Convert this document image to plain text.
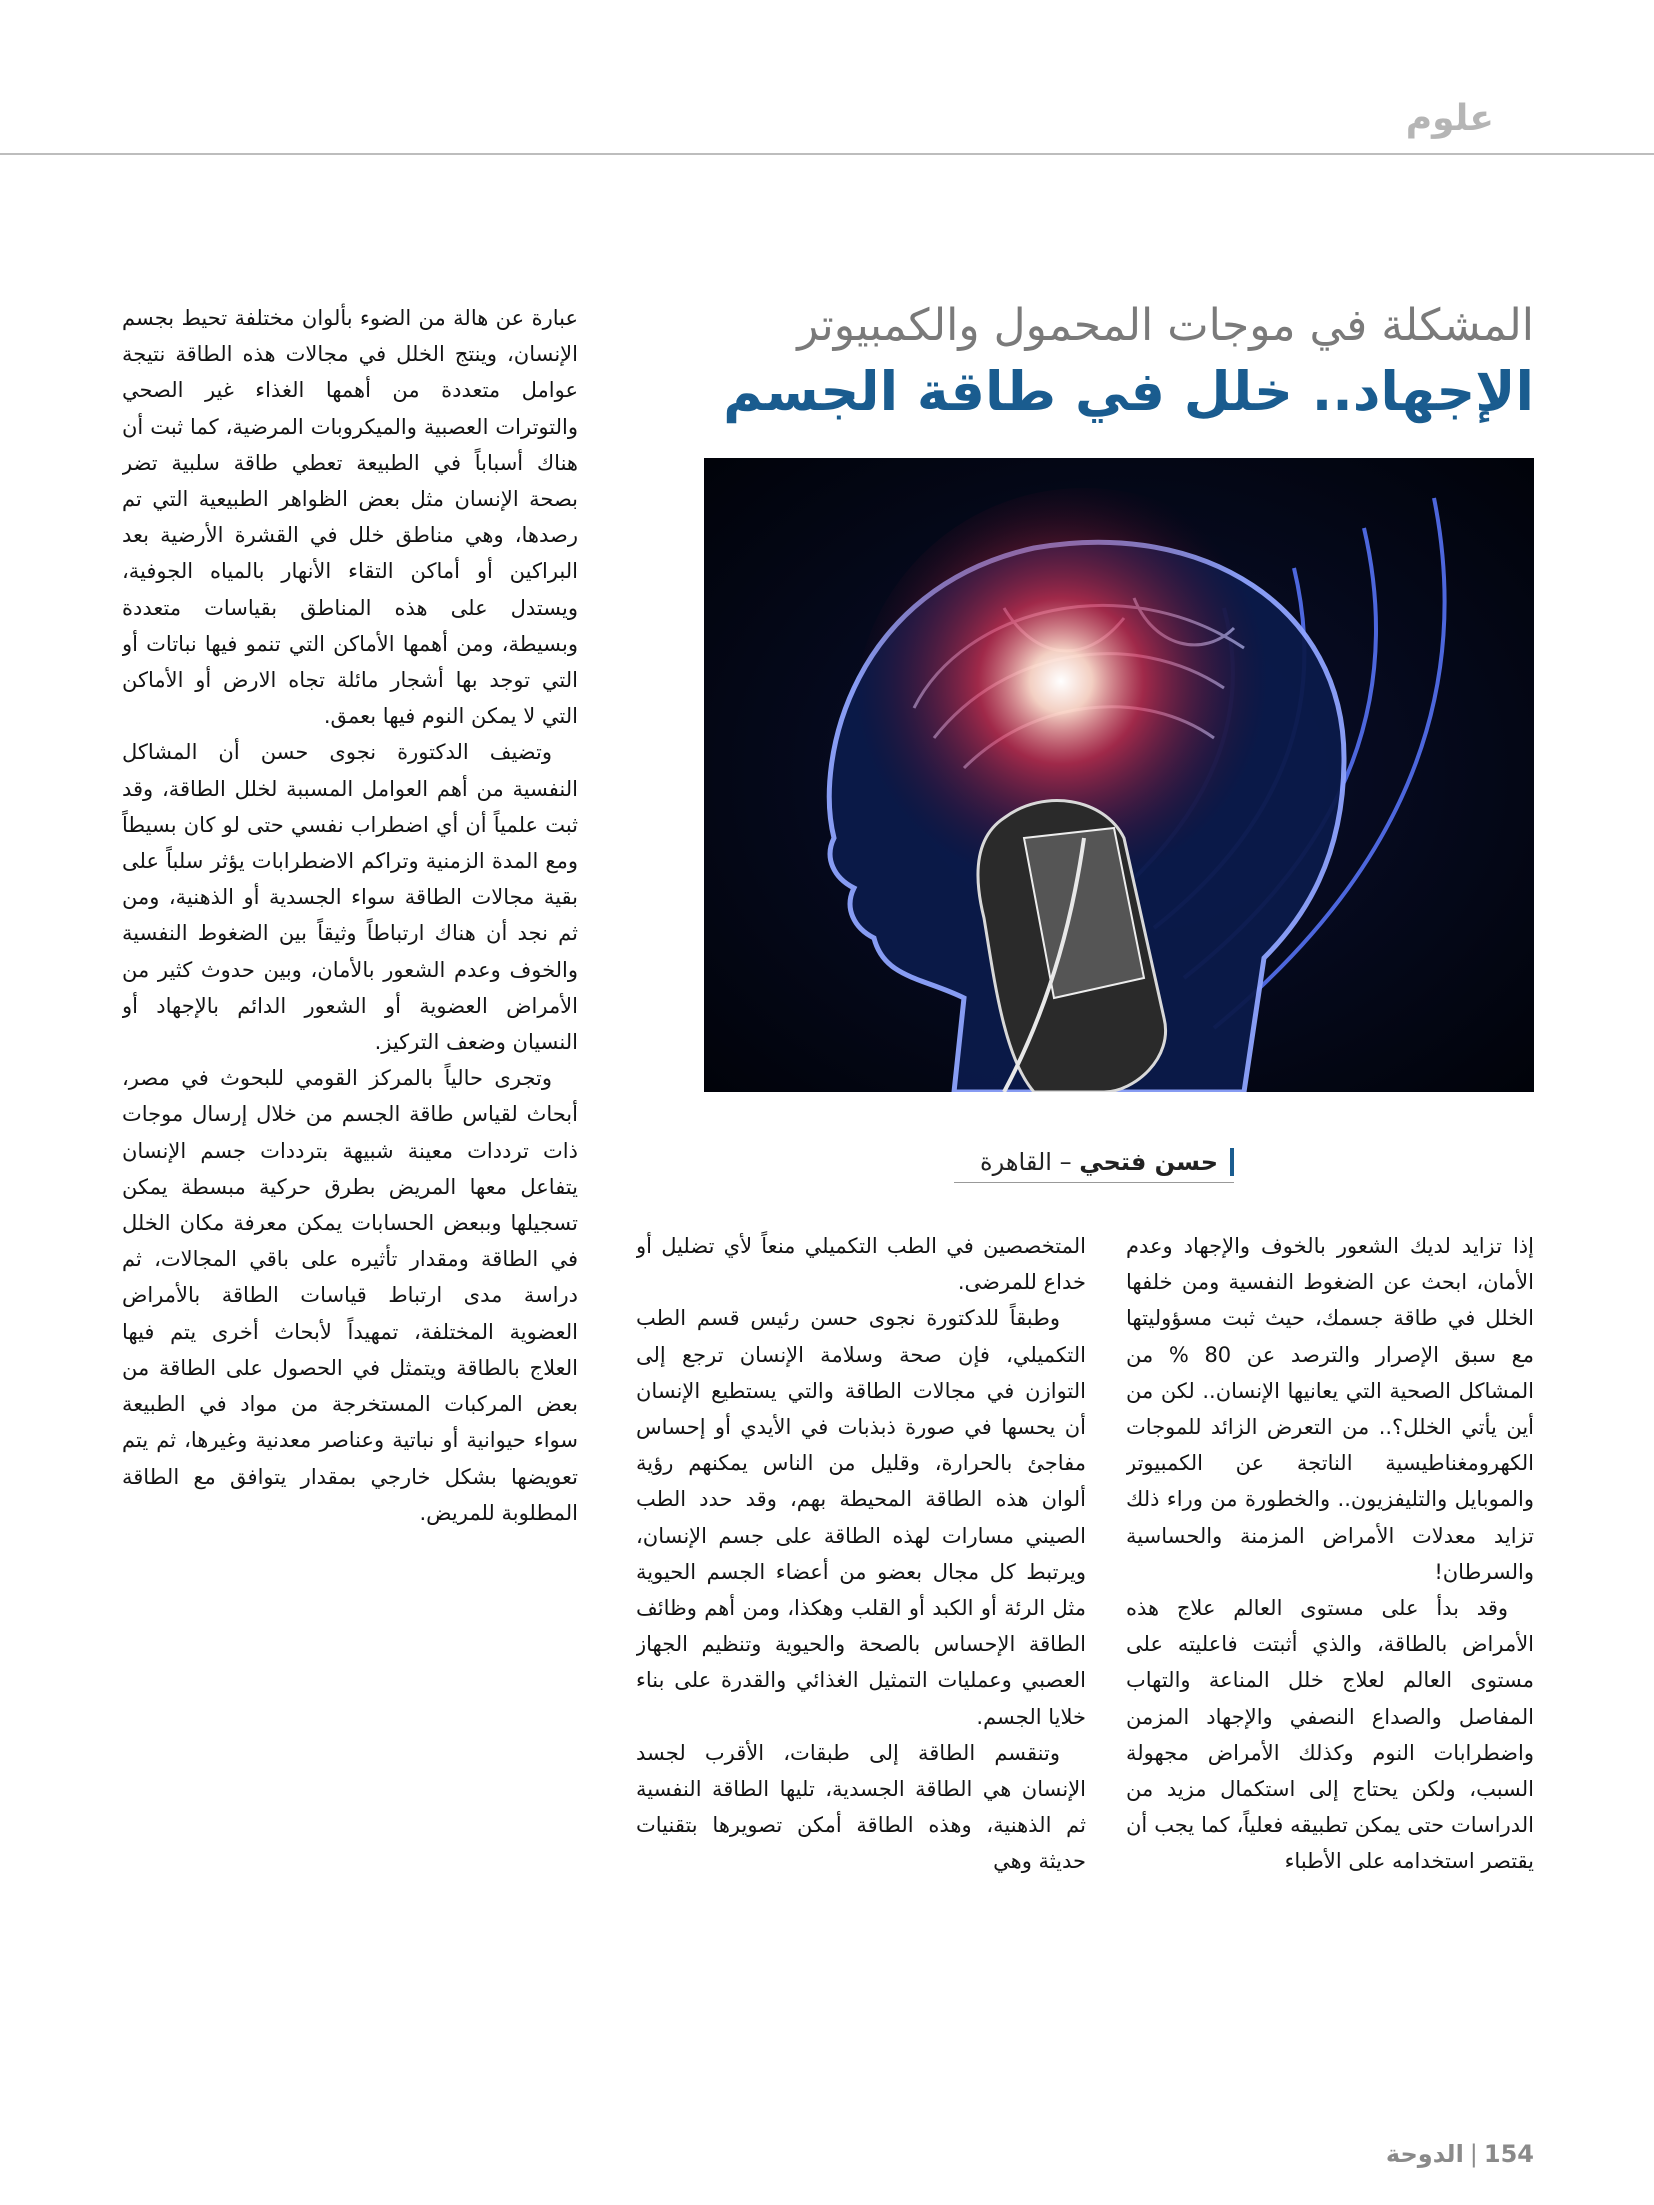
علوم
المشكلة في موجات المحمول والكمبيوتر
الإجهاد.. خلل في طاقة الجسم
حسن فتحي – القاهرة

إذا تزايد لديك الشعور بالخوف والإجهاد وعدم الأمان، ابحث عن الضغوط النفسية ومن خلفها الخلل في طاقة جسمك، حيث ثبت مسؤوليتها مع سبق الإصرار والترصد عن 80 % من المشاكل الصحية التي يعانيها الإنسان.. لكن من أين يأتي الخلل؟.. من التعرض الزائد للموجات الكهرومغناطيسية الناتجة عن الكمبيوتر والموبايل والتليفزيون.. والخطورة من وراء ذلك تزايد معدلات الأمراض المزمنة والحساسية والسرطان!

وقد بدأ على مستوى العالم علاج هذه الأمراض بالطاقة، والذي أثبتت فاعليته على مستوى العالم لعلاج خلل المناعة والتهاب المفاصل والصداع النصفي والإجهاد المزمن واضطرابات النوم وكذلك الأمراض مجهولة السبب، ولكن يحتاج إلى استكمال مزيد من الدراسات حتى يمكن تطبيقه فعلياً، كما يجب أن يقتصر استخدامه على الأطباء

المتخصصين في الطب التكميلي منعاً لأي تضليل أو خداع للمرضى.

وطبقاً للدكتورة نجوى حسن رئيس قسم الطب التكميلي، فإن صحة وسلامة الإنسان ترجع إلى التوازن في مجالات الطاقة والتي يستطيع الإنسان أن يحسها في صورة ذبذبات في الأيدي أو إحساس مفاجئ بالحرارة، وقليل من الناس يمكنهم رؤية ألوان هذه الطاقة المحيطة بهم، وقد حدد الطب الصيني مسارات لهذه الطاقة على جسم الإنسان، ويرتبط كل مجال بعضو من أعضاء الجسم الحيوية مثل الرئة أو الكبد أو القلب وهكذا، ومن أهم وظائف الطاقة الإحساس بالصحة والحيوية وتنظيم الجهاز العصبي وعمليات التمثيل الغذائي والقدرة على بناء خلايا الجسم.

وتنقسم الطاقة إلى طبقات، الأقرب لجسد الإنسان هي الطاقة الجسدية، تليها الطاقة النفسية ثم الذهنية، وهذه الطاقة أمكن تصويرها بتقنيات حديثة وهي

عبارة عن هالة من الضوء بألوان مختلفة تحيط بجسم الإنسان، وينتج الخلل في مجالات هذه الطاقة نتيجة عوامل متعددة من أهمها الغذاء غير الصحي والتوترات العصبية والميكروبات المرضية، كما ثبت أن هناك أسباباً في الطبيعة تعطي طاقة سلبية تضر بصحة الإنسان مثل بعض الظواهر الطبيعية التي تم رصدها، وهي مناطق خلل في القشرة الأرضية بعد البراكين أو أماكن التقاء الأنهار بالمياه الجوفية، ويستدل على هذه المناطق بقياسات متعددة وبسيطة، ومن أهمها الأماكن التي تنمو فيها نباتات أو التي توجد بها أشجار مائلة تجاه الارض أو الأماكن التي لا يمكن النوم فيها بعمق.

وتضيف الدكتورة نجوى حسن أن المشاكل النفسية من أهم العوامل المسببة لخلل الطاقة، وقد ثبت علمياً أن أي اضطراب نفسي حتى لو كان بسيطاً ومع المدة الزمنية وتراكم الاضطرابات يؤثر سلباً على بقية مجالات الطاقة سواء الجسدية أو الذهنية، ومن ثم نجد أن هناك ارتباطاً وثيقاً بين الضغوط النفسية والخوف وعدم الشعور بالأمان، وبين حدوث كثير من الأمراض العضوية أو الشعور الدائم بالإجهاد أو النسيان وضعف التركيز.

وتجرى حالياً بالمركز القومي للبحوث في مصر، أبحاث لقياس طاقة الجسم من خلال إرسال موجات ذات ترددات معينة شبيهة بترددات جسم الإنسان يتفاعل معها المريض بطرق حركية مبسطة يمكن تسجيلها وببعض الحسابات يمكن معرفة مكان الخلل في الطاقة ومقدار تأثيره على باقي المجالات، ثم دراسة مدى ارتباط قياسات الطاقة بالأمراض العضوية المختلفة، تمهيداً لأبحاث أخرى يتم فيها العلاج بالطاقة ويتمثل في الحصول على الطاقة من بعض المركبات المستخرجة من مواد في الطبيعة سواء حيوانية أو نباتية وعناصر معدنية وغيرها، ثم يتم تعويضها بشكل خارجي بمقدار يتوافق مع الطاقة المطلوبة للمريض.

154|الدوحة
